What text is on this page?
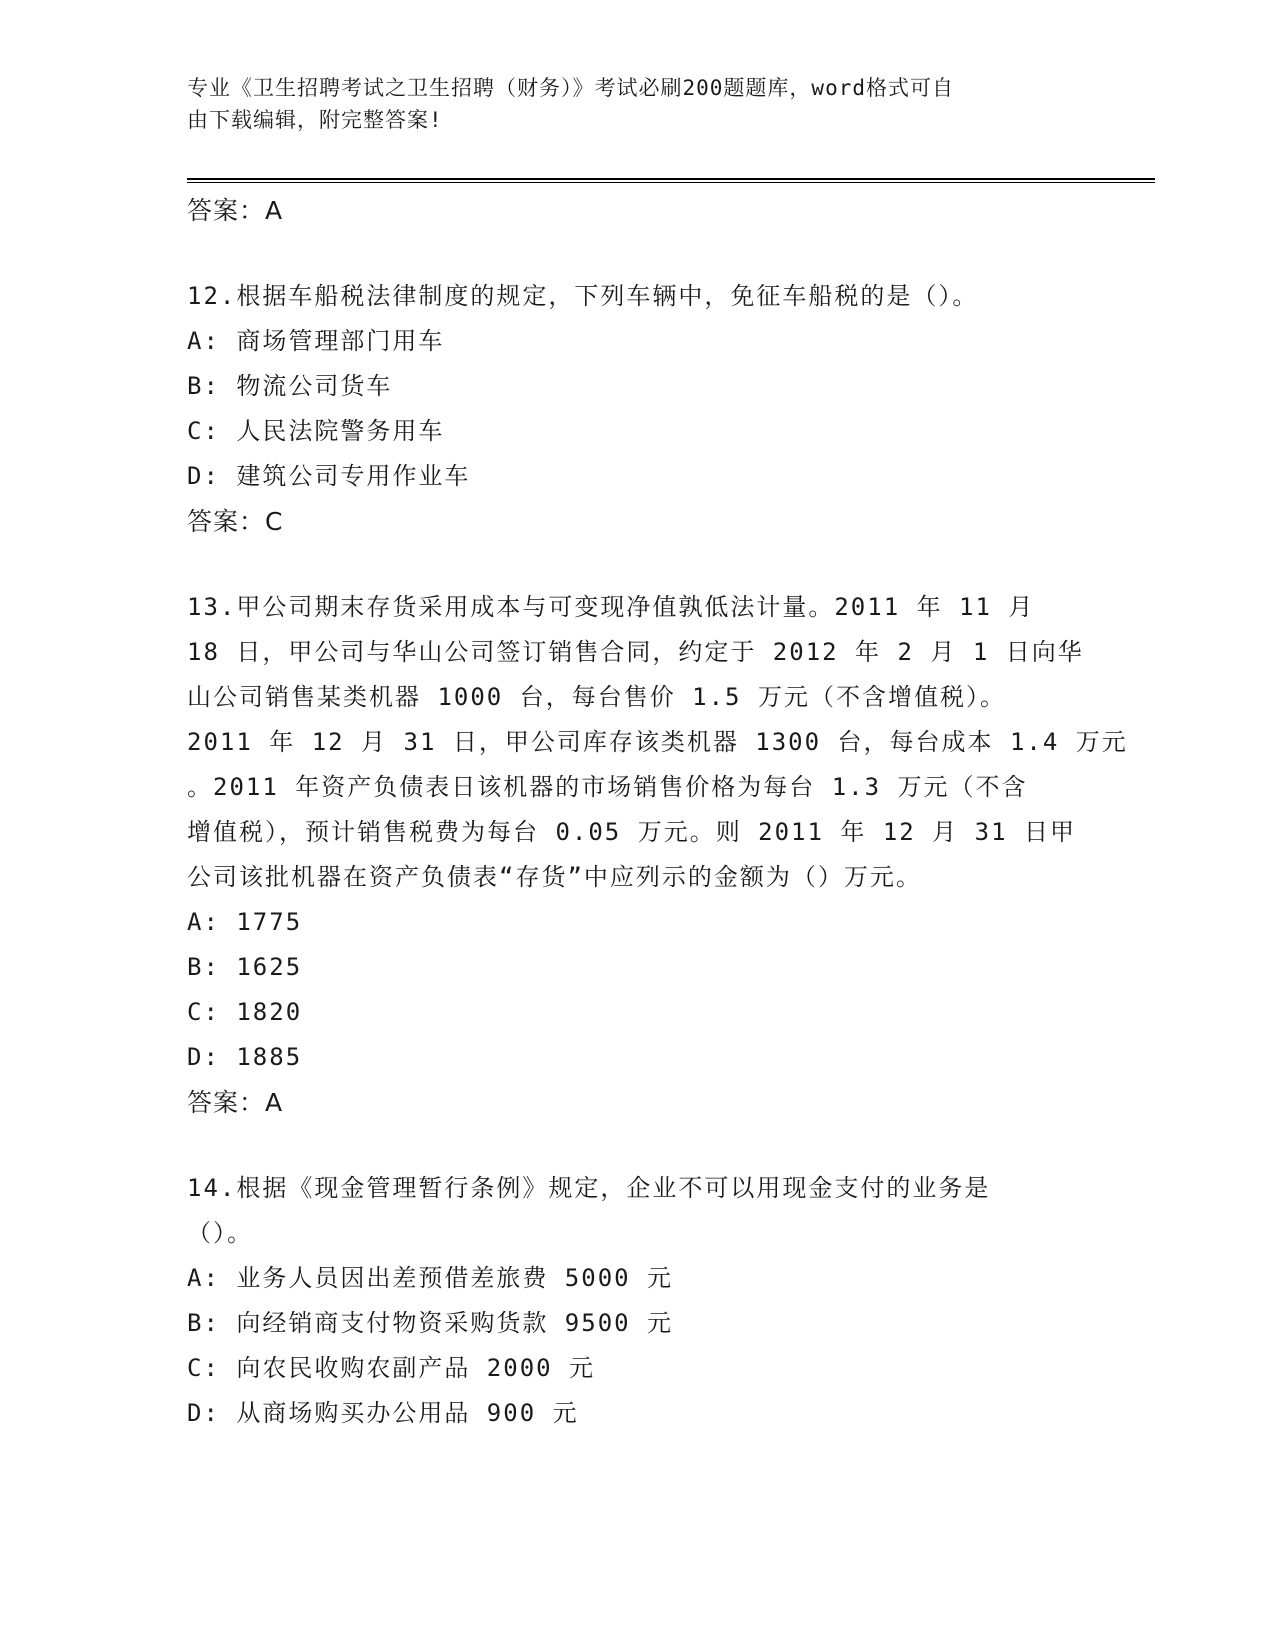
专业《卫生招聘考试之卫生招聘（财务）》考试必刷200题题库，word格式可自
由下载编辑，附完整答案!
答案：A
12.根据车船税法律制度的规定，下列车辆中，免征车船税的是（）。
A: 商场管理部门用车
B: 物流公司货车
C: 人民法院警务用车
D: 建筑公司专用作业车
答案：C
13.甲公司期末存货采用成本与可变现净值孰低法计量。2011 年 11 月
18 日，甲公司与华山公司签订销售合同，约定于 2012 年 2 月 1 日向华
山公司销售某类机器 1000 台，每台售价 1.5 万元（不含增值税）。
2011 年 12 月 31 日，甲公司库存该类机器 1300 台，每台成本 1.4 万元
。2011 年资产负债表日该机器的市场销售价格为每台 1.3 万元（不含
增值税），预计销售税费为每台 0.05 万元。则 2011 年 12 月 31 日甲
公司该批机器在资产负债表“存货”中应列示的金额为（）万元。
A: 1775
B: 1625
C: 1820
D: 1885
答案：A
14.根据《现金管理暂行条例》规定，企业不可以用现金支付的业务是
（）。
A: 业务人员因出差预借差旅费 5000 元
B: 向经销商支付物资采购货款 9500 元
C: 向农民收购农副产品 2000 元
D: 从商场购买办公用品 900 元
